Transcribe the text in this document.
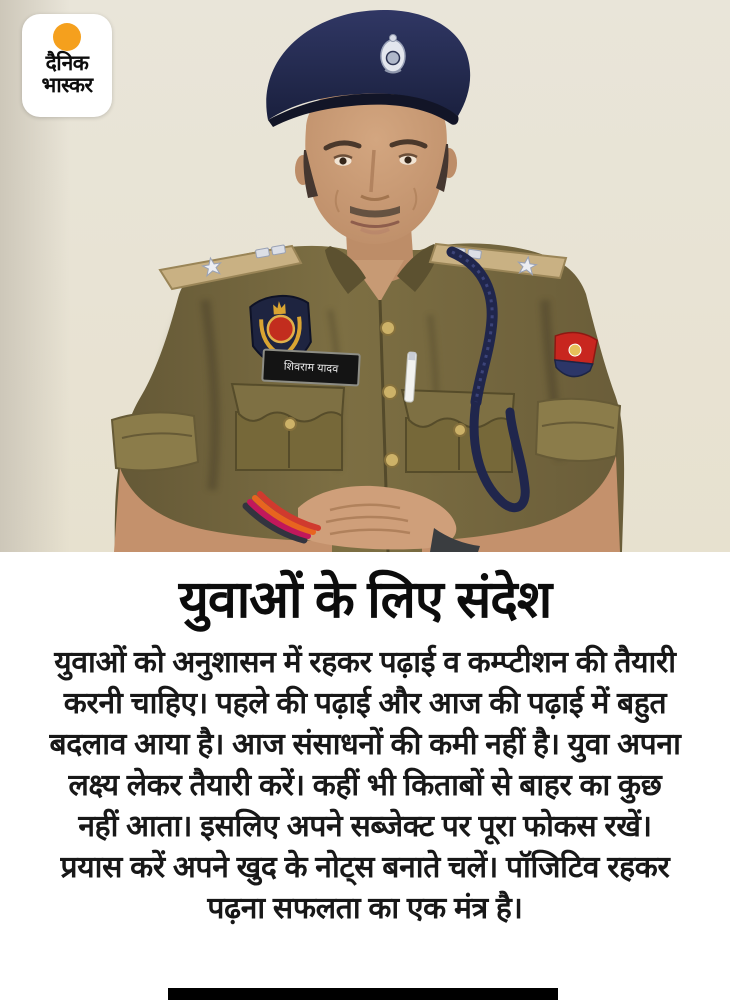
शिवराम यादव
दैनिक
भास्कर
युवाओं के लिए संदेश
युवाओं को अनुशासन में रहकर पढ़ाई व कम्प्टीशन की तैयारी
करनी चाहिए। पहले की पढ़ाई और आज की पढ़ाई में बहुत
बदलाव आया है। आज संसाधनों की कमी नहीं है। युवा अपना
लक्ष्य लेकर तैयारी करें। कहीं भी किताबों से बाहर का कुछ
नहीं आता। इसलिए अपने सब्जेक्ट पर पूरा फोकस रखें।
प्रयास करें अपने खुद के नोट्स बनाते चलें। पॉजिटिव रहकर
पढ़ना सफलता का एक मंत्र है।
